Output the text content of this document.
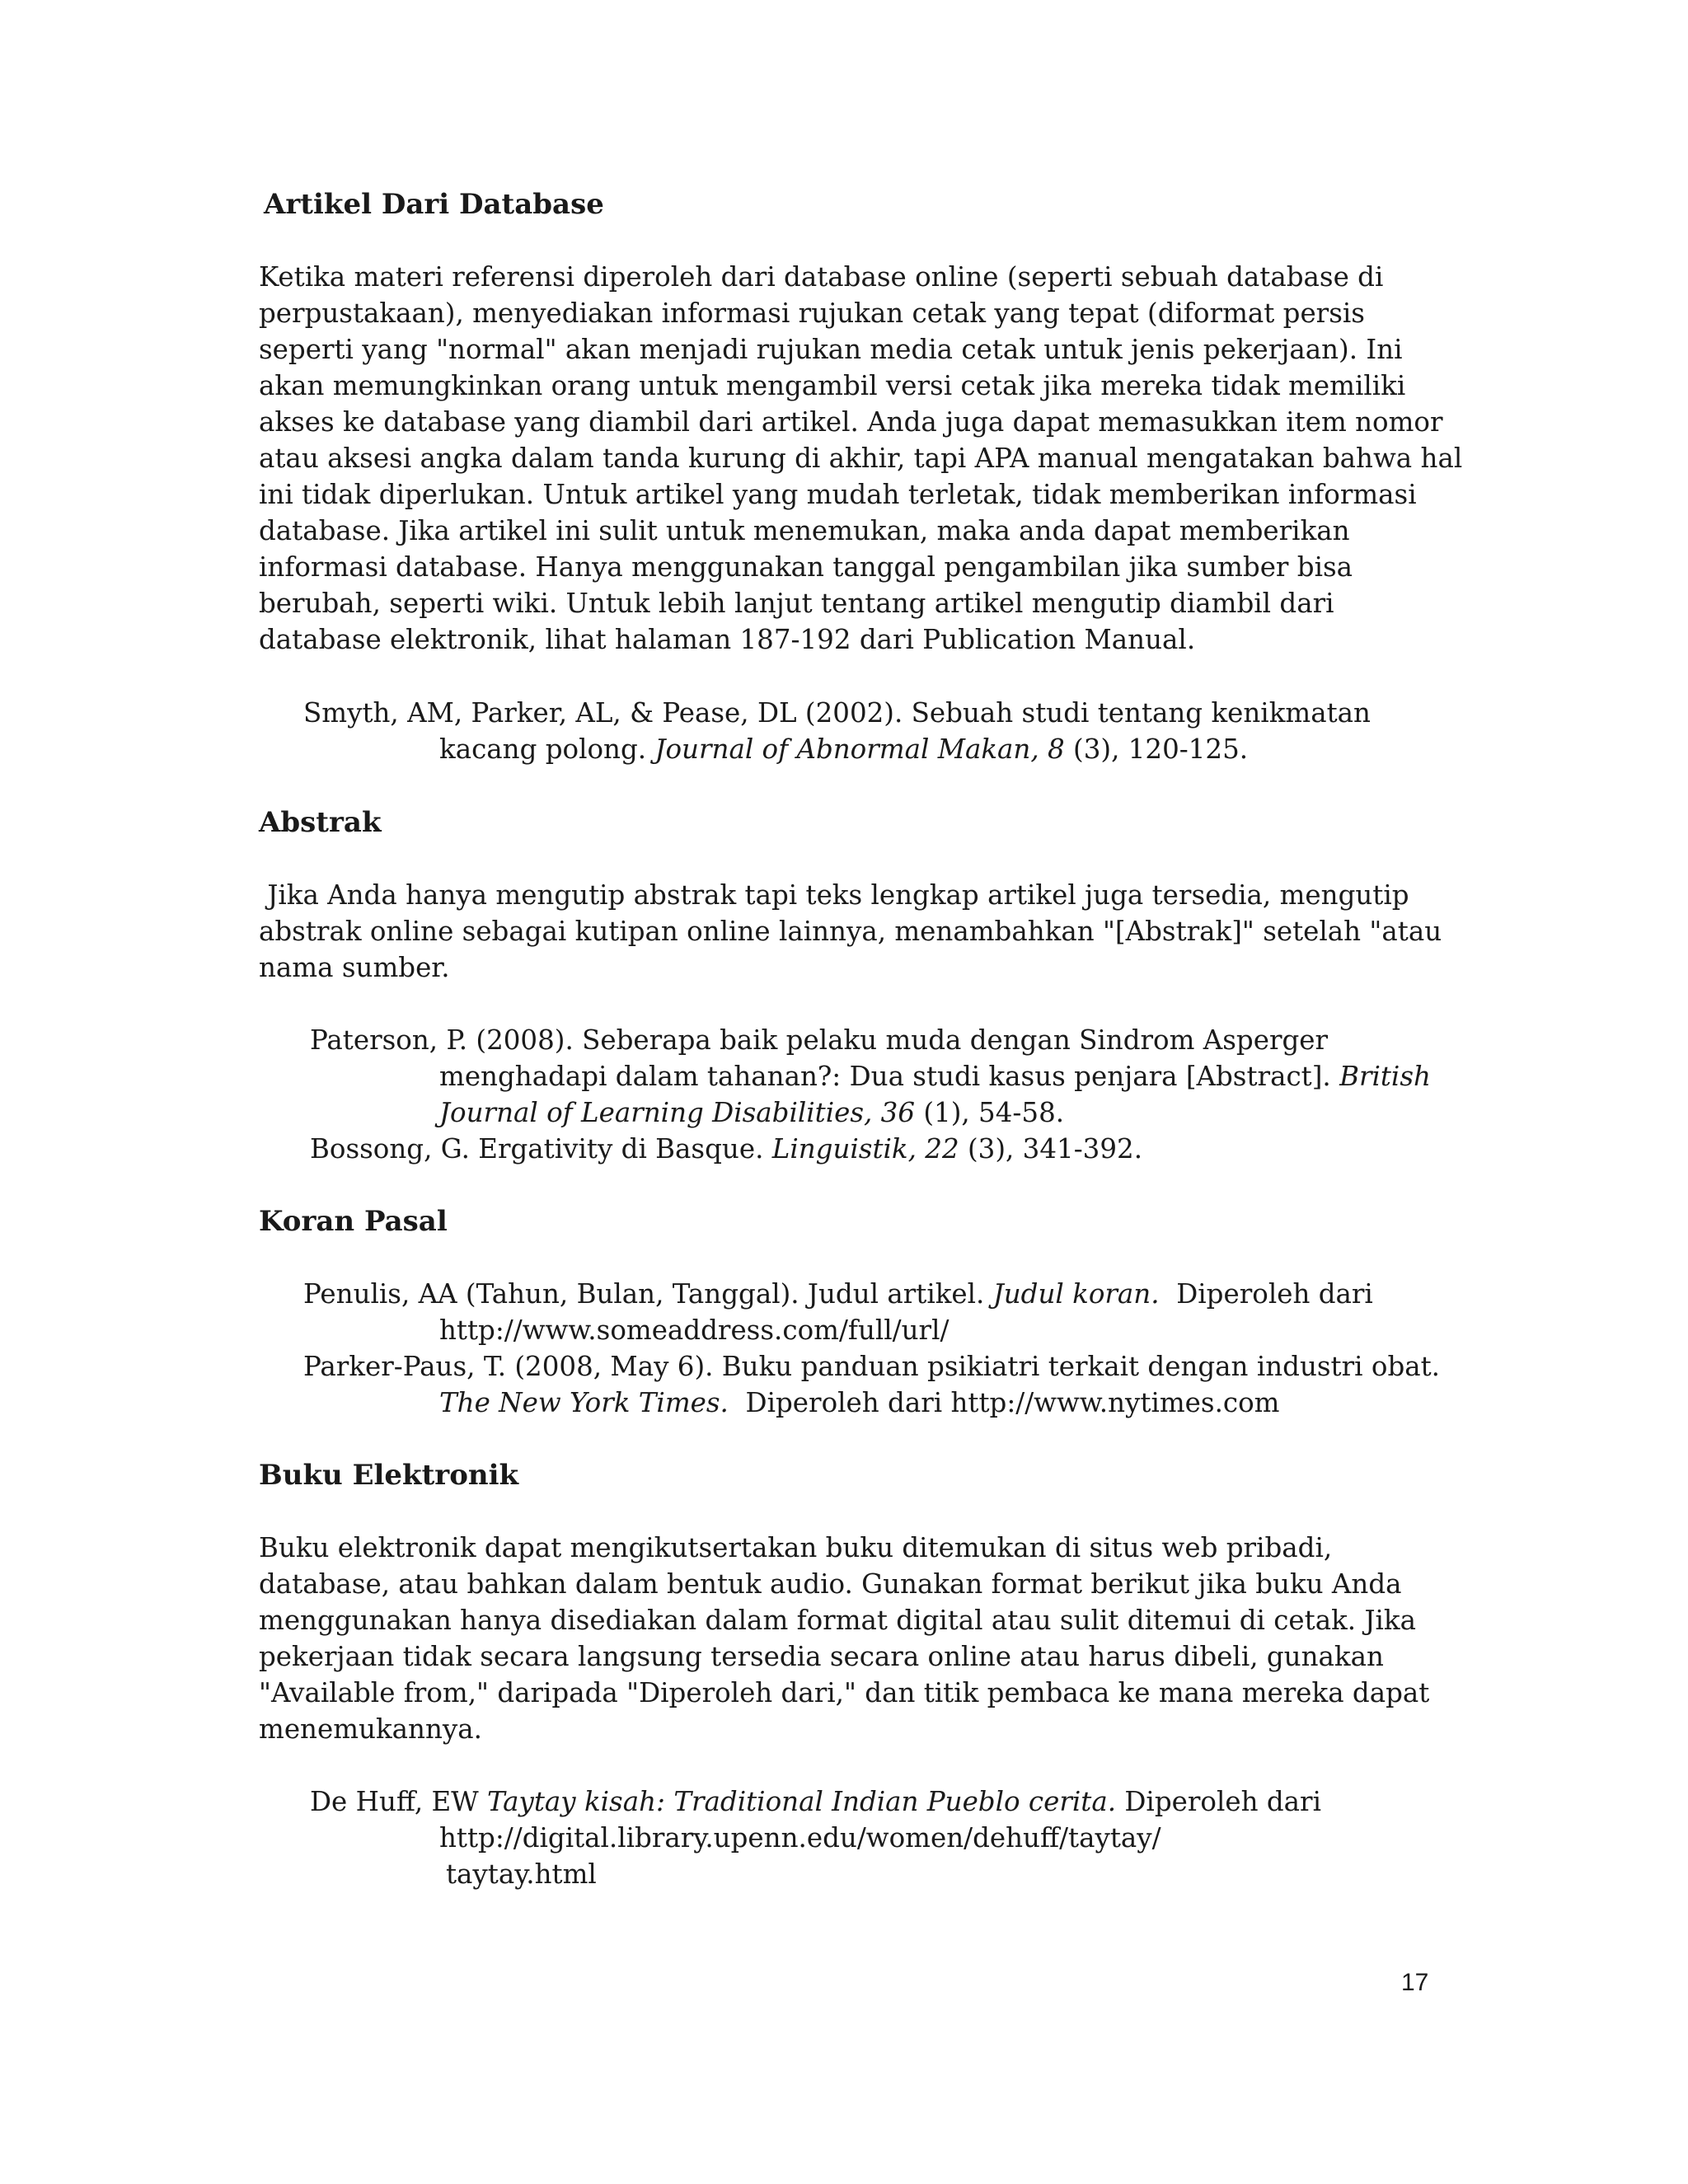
Artikel Dari Database

Ketika materi referensi diperoleh dari database online (seperti sebuah database di
perpustakaan), menyediakan informasi rujukan cetak yang tepat (diformat persis
seperti yang "normal" akan menjadi rujukan media cetak untuk jenis pekerjaan). Ini
akan memungkinkan orang untuk mengambil versi cetak jika mereka tidak memiliki
akses ke database yang diambil dari artikel. Anda juga dapat memasukkan item nomor
atau aksesi angka dalam tanda kurung di akhir, tapi APA manual mengatakan bahwa hal
ini tidak diperlukan. Untuk artikel yang mudah terletak, tidak memberikan informasi
database. Jika artikel ini sulit untuk menemukan, maka anda dapat memberikan
informasi database. Hanya menggunakan tanggal pengambilan jika sumber bisa
berubah, seperti wiki. Untuk lebih lanjut tentang artikel mengutip diambil dari
database elektronik, lihat halaman 187-192 dari Publication Manual.

Smyth, AM, Parker, AL, & Pease, DL (2002). Sebuah studi tentang kenikmatan
kacang polong. Journal of Abnormal Makan, 8 (3), 120-125.
Abstrak

Jika Anda hanya mengutip abstrak tapi teks lengkap artikel juga tersedia, mengutip
abstrak online sebagai kutipan online lainnya, menambahkan "[Abstrak]" setelah "atau
nama sumber.

Paterson, P. (2008). Seberapa baik pelaku muda dengan Sindrom Asperger
menghadapi dalam tahanan?: Dua studi kasus penjara [Abstract]. British
Journal of Learning Disabilities, 36 (1), 54-58.
Bossong, G. Ergativity di Basque. Linguistik, 22 (3), 341-392.
Koran Pasal
Penulis, AA (Tahun, Bulan, Tanggal). Judul artikel. Judul koran.  Diperoleh dari
http://www.someaddress.com/full/url/
Parker-Paus, T. (2008, May 6). Buku panduan psikiatri terkait dengan industri obat.
The New York Times.  Diperoleh dari http://www.nytimes.com
Buku Elektronik

Buku elektronik dapat mengikutsertakan buku ditemukan di situs web pribadi,
database, atau bahkan dalam bentuk audio. Gunakan format berikut jika buku Anda
menggunakan hanya disediakan dalam format digital atau sulit ditemui di cetak. Jika
pekerjaan tidak secara langsung tersedia secara online atau harus dibeli, gunakan
"Available from," daripada "Diperoleh dari," dan titik pembaca ke mana mereka dapat
menemukannya.

De Huff, EW Taytay kisah: Traditional Indian Pueblo cerita. Diperoleh dari
http://digital.library.upenn.edu/women/dehuff/taytay/
taytay.html
17
